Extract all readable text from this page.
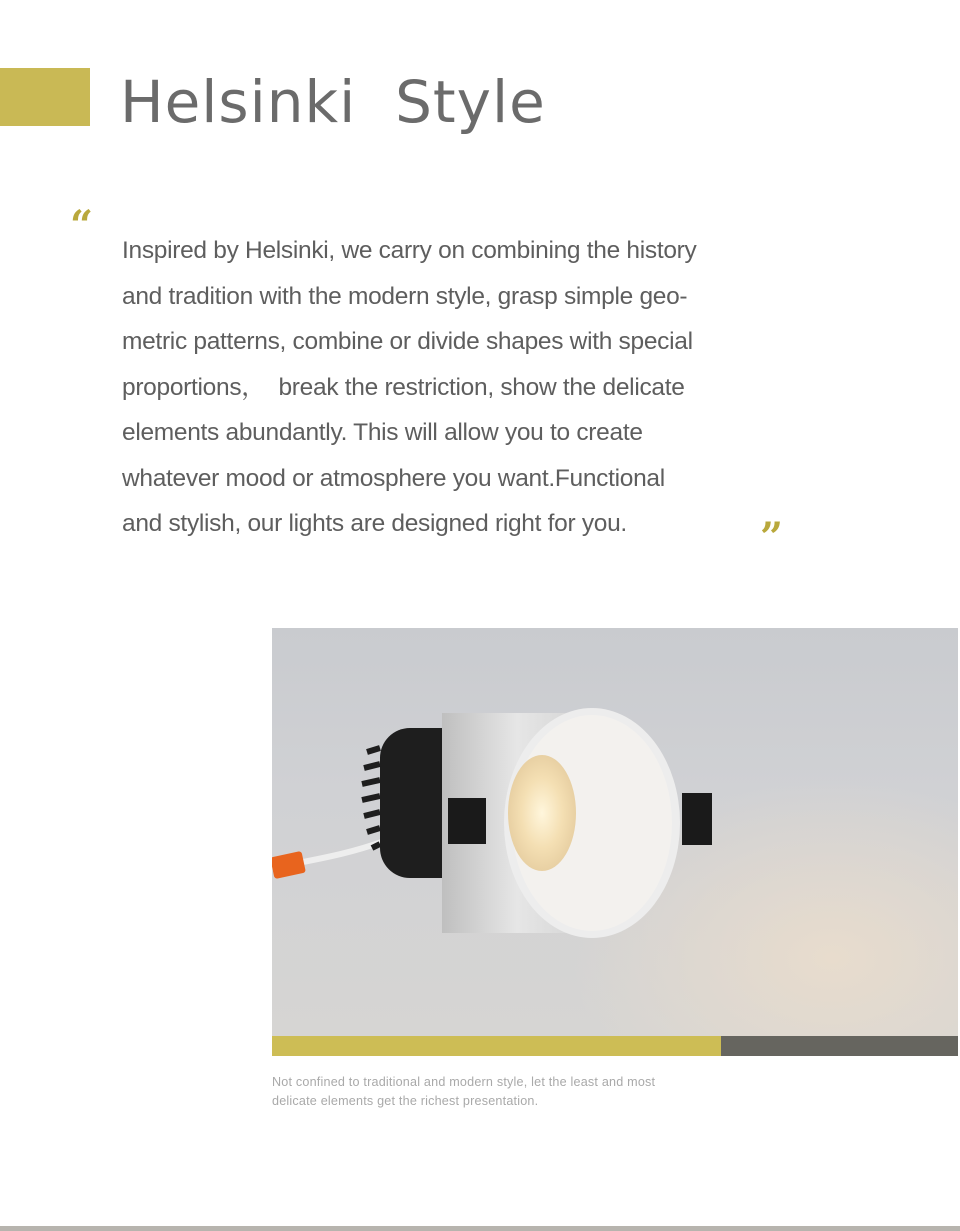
Helsinki  Style
“

Inspired by Helsinki, we carry on combining the history
and tradition with the modern style, grasp simple geo-
metric patterns, combine or divide shapes with special
proportions，  break the restriction, show the delicate
elements abundantly. This will allow you to create
whatever mood or atmosphere you want.Functional
and stylish, our lights are designed right for you.	”

Not confined to traditional and modern style, let the least and most
delicate elements get the richest presentation.
